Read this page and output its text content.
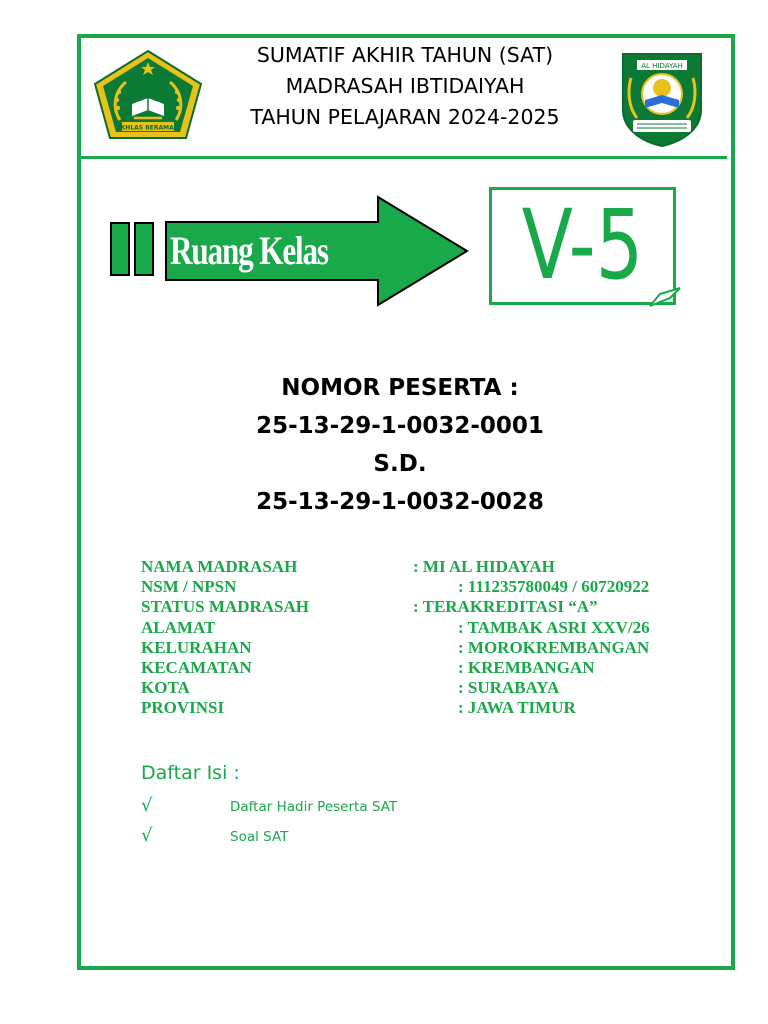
IKHLAS BERAMAL
SUMATIF AKHIR TAHUN (SAT)
MADRASAH IBTIDAIYAH
TAHUN PELAJARAN 2024-2025
AL HIDAYAH
Ruang Kelas V-5
NOMOR PESERTA :
25-13-29-1-0032-0001
S.D.
25-13-29-1-0032-0028
NAMA MADRASAH	: MI AL HIDAYAH
NSM / NPSN	: 111235780049 / 60720922
STATUS MADRASAH	: TERAKREDITASI “A”
ALAMAT	: TAMBAK ASRI XXV/26
KELURAHAN	: MOROKREMBANGAN
KECAMATAN	: KREMBANGAN
KOTA	: SURABAYA
PROVINSI	: JAWA TIMUR
Daftar Isi :
√	Daftar Hadir Peserta SAT
√	Soal SAT
